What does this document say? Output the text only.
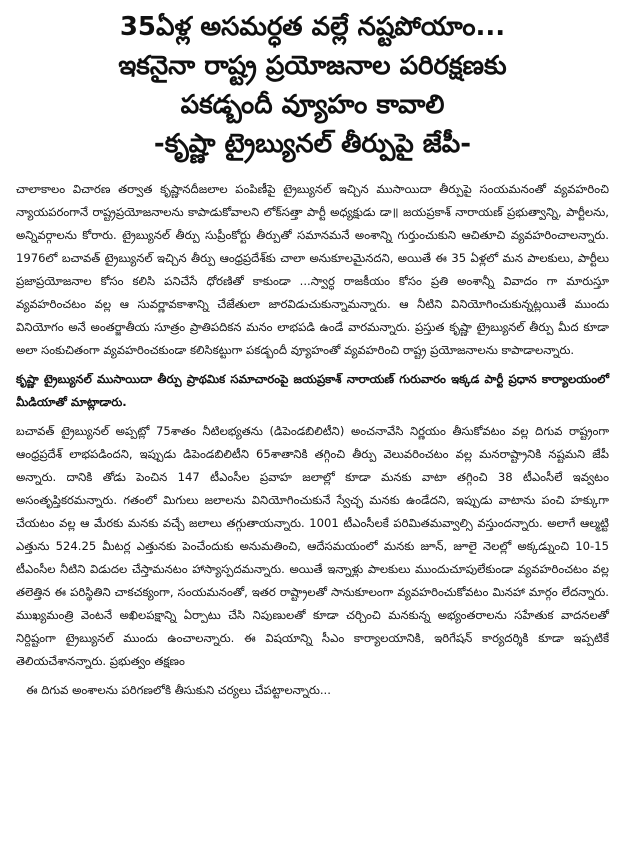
35ఏళ్ల అసమర్ధత వల్లే నష్టపోయాం...
ఇకనైనా రాష్ట్ర ప్రయోజనాల పరిరక్షణకు
పకడ్బందీ వ్యూహం కావాలి
-కృష్ణా ట్రైబ్యునల్ తీర్పుపై జేపీ-

చాలాకాలం విచారణ తర్వాత కృష్ణానదీజలాల పంపిణీపై ట్రైబ్యునల్ ఇచ్చిన ముసాయిదా తీర్పుపై సంయమనంతో వ్యవహరించి న్యాయపరంగానే రాష్ట్రప్రయోజనాలను కాపాడుకోవాలని లోక్‌సత్తా పార్టీ అధ్యక్షుడు డా॥ జయప్రకాశ్ నారాయణ్ ప్రభుత్వాన్ని, పార్టీలను, అన్నివర్గాలను కోరారు. ట్రైబ్యునల్ తీర్పు సుప్రీంకోర్టు తీర్పుతో సమానమనే అంశాన్ని గుర్తుంచుకుని ఆచితూచి వ్యవహరించాలన్నారు. 1976లో బచావత్ ట్రైబ్యునల్ ఇచ్చిన తీర్పు ఆంధ్రప్రదేశ్‌కు చాలా అనుకూలమైనదని, అయితే ఈ 35 ఏళ్లలో మన పాలకులు, పార్టీలు ప్రజాప్రయోజనాల కోసం కలిసి పనిచేసే ధోరణితో కాకుండా ...స్వార్ధ రాజకీయం కోసం ప్రతి అంశాన్నీ వివాదం గా మారుస్తూ వ్యవహరించటం వల్ల ఆ సువర్ణావకాశాన్ని చేజేతులా జారవిడుచుకున్నామన్నారు. ఆ నీటిని వినియోగించుకున్నట్లయితే ముందు వినియోగం అనే అంతర్జాతీయ సూత్రం ప్రాతిపదికన మనం లాభపడి ఉండే వారమన్నారు. ప్రస్తుత కృష్ణా ట్రైబ్యునల్ తీర్పు మీద కూడా అలా సంకుచితంగా వ్యవహరించకుండా కలిసికట్టుగా పకడ్బందీ వ్యూహంతో వ్యవహరించి రాష్ట్ర ప్రయోజనాలను కాపాడాలన్నారు.

కృష్ణా ట్రైబ్యునల్ ముసాయిదా తీర్పు ప్రాథమిక సమాచారంపై జయప్రకాశ్ నారాయణ్ గురువారం ఇక్కడ పార్టీ ప్రధాన కార్యాలయంలో మీడియాతో మాట్లాడారు.

బచావత్ ట్రైబ్యునల్ అప్పట్లో 75శాతం నీటిలభ్యతను (డిపెండబిలిటీని) అంచనావేసి నిర్ణయం తీసుకోవటం వల్ల దిగువ రాష్ట్రంగా ఆంధ్రప్రదేశ్ లాభపడిందని, ఇప్పుడు డిపెండబిలిటీని 65శాతానికి తగ్గించి తీర్పు వెలువరించటం వల్ల మనరాష్ట్రానికి నష్టమని జేపీ అన్నారు. దానికి తోడు పెంచిన 147 టీఎంసీల ప్రవాహ జలాల్లో కూడా మనకు వాటా తగ్గించి 38 టీఎంసీలే ఇవ్వటం అసంతృప్తికరమన్నారు. గతంలో మిగులు జలాలను వినియోగించుకునే స్వేచ్ఛ మనకు ఉండేదని, ఇప్పుడు వాటాను పంచి హక్కుగా చేయటం వల్ల ఆ మేరకు మనకు వచ్చే జలాలు తగ్గుతాయన్నారు. 1001 టీఎంసీలకే పరిమితమవ్వాల్సి వస్తుందన్నారు. అలాగే ఆల్మట్టి ఎత్తును 524.25 మీటర్ల ఎత్తునకు పెంచేందుకు అనుమతించి, ఆదేసమయంలో మనకు జూన్, జూలై నెలల్లో అక్కడ్నుంచి 10-15 టీఎంసీల నీటిని విడుదల చేస్తామనటం హాస్యాస్పదమన్నారు. అయితే ఇన్నాళ్లు పాలకులు ముందుచూపులేకుండా వ్యవహరించటం వల్ల తలెత్తిన ఈ పరిస్థితిని చాకచక్యంగా, సంయమనంతో, ఇతర రాష్ట్రాలతో సానుకూలంగా వ్యవహరించుకోవటం మినహా మార్గం లేదన్నారు. ముఖ్యమంత్రి వెంటనే అఖిలపక్షాన్ని ఏర్పాటు చేసి నిపుణులతో కూడా చర్చించి మనకున్న అభ్యంతరాలను సహేతుక వాదనలతో నిర్దిష్టంగా ట్రైబ్యునల్ ముందు ఉంచాలన్నారు. ఈ విషయాన్ని సీఎం కార్యాలయానికి, ఇరిగేషన్ కార్యదర్శికి కూడా ఇప్పటికే తెలియచేశానన్నారు. ప్రభుత్వం తక్షణం

ఈ దిగువ అంశాలను పరిగణలోకి తీసుకుని చర్యలు చేపట్టాలన్నారు...
